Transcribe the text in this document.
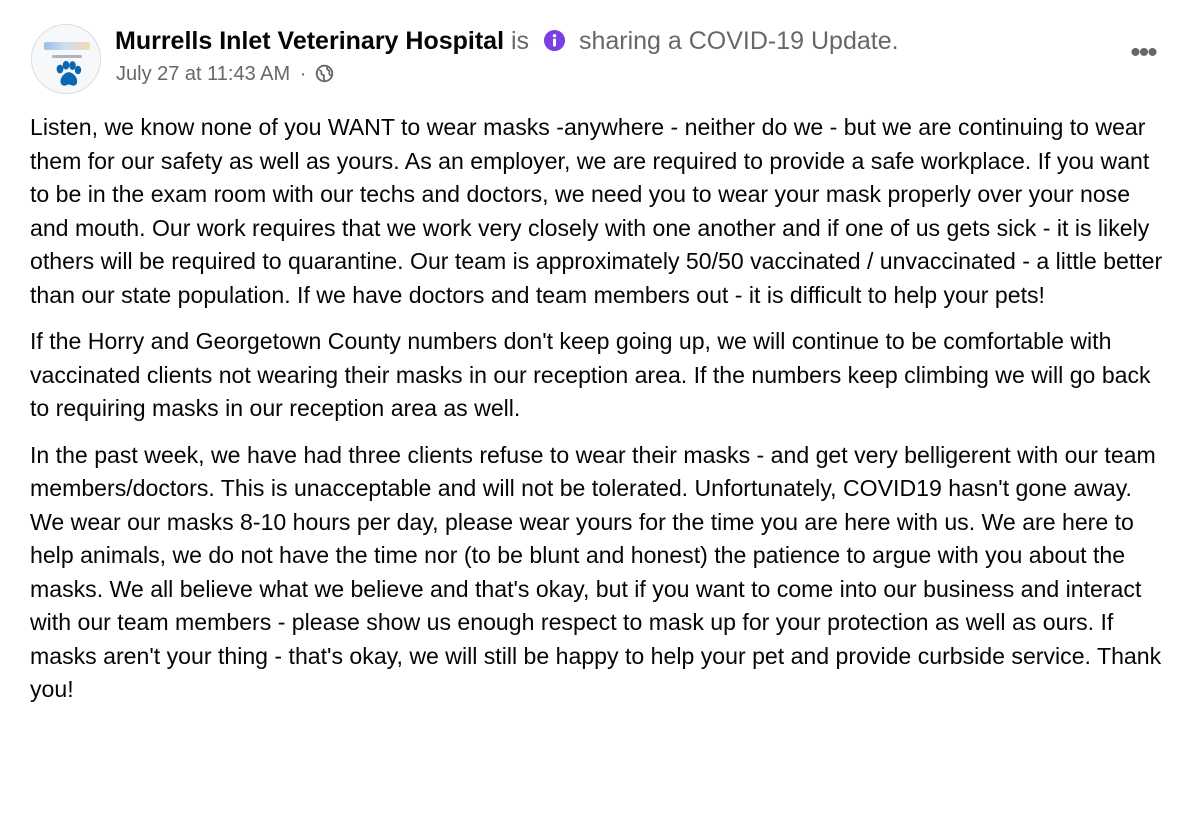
Murrells Inlet Veterinary Hospital is sharing a COVID-19 Update.
July 27 at 11:43 AM ·
•••

Listen, we know none of you WANT to wear masks -anywhere - neither do we - but we are continuing to wear them for our safety as well as yours. As an employer, we are required to provide a safe workplace. If you want to be in the exam room with our techs and doctors, we need you to wear your mask properly over your nose and mouth. Our work requires that we work very closely with one another and if one of us gets sick - it is likely others will be required to quarantine. Our team is approximately 50/50 vaccinated / unvaccinated - a little better than our state population. If we have doctors and team members out - it is difficult to help your pets!

If the Horry and Georgetown County numbers don't keep going up, we will continue to be comfortable with vaccinated clients not wearing their masks in our reception area. If the numbers keep climbing we will go back to requiring masks in our reception area as well.

In the past week, we have had three clients refuse to wear their masks - and get very belligerent with our team members/doctors. This is unacceptable and will not be tolerated. Unfortunately, COVID19 hasn't gone away. We wear our masks 8-10 hours per day, please wear yours for the time you are here with us. We are here to help animals, we do not have the time nor (to be blunt and honest) the patience to argue with you about the masks. We all believe what we believe and that's okay, but if you want to come into our business and interact with our team members - please show us enough respect to mask up for your protection as well as ours. If masks aren't your thing - that's okay, we will still be happy to help your pet and provide curbside service. Thank you!
